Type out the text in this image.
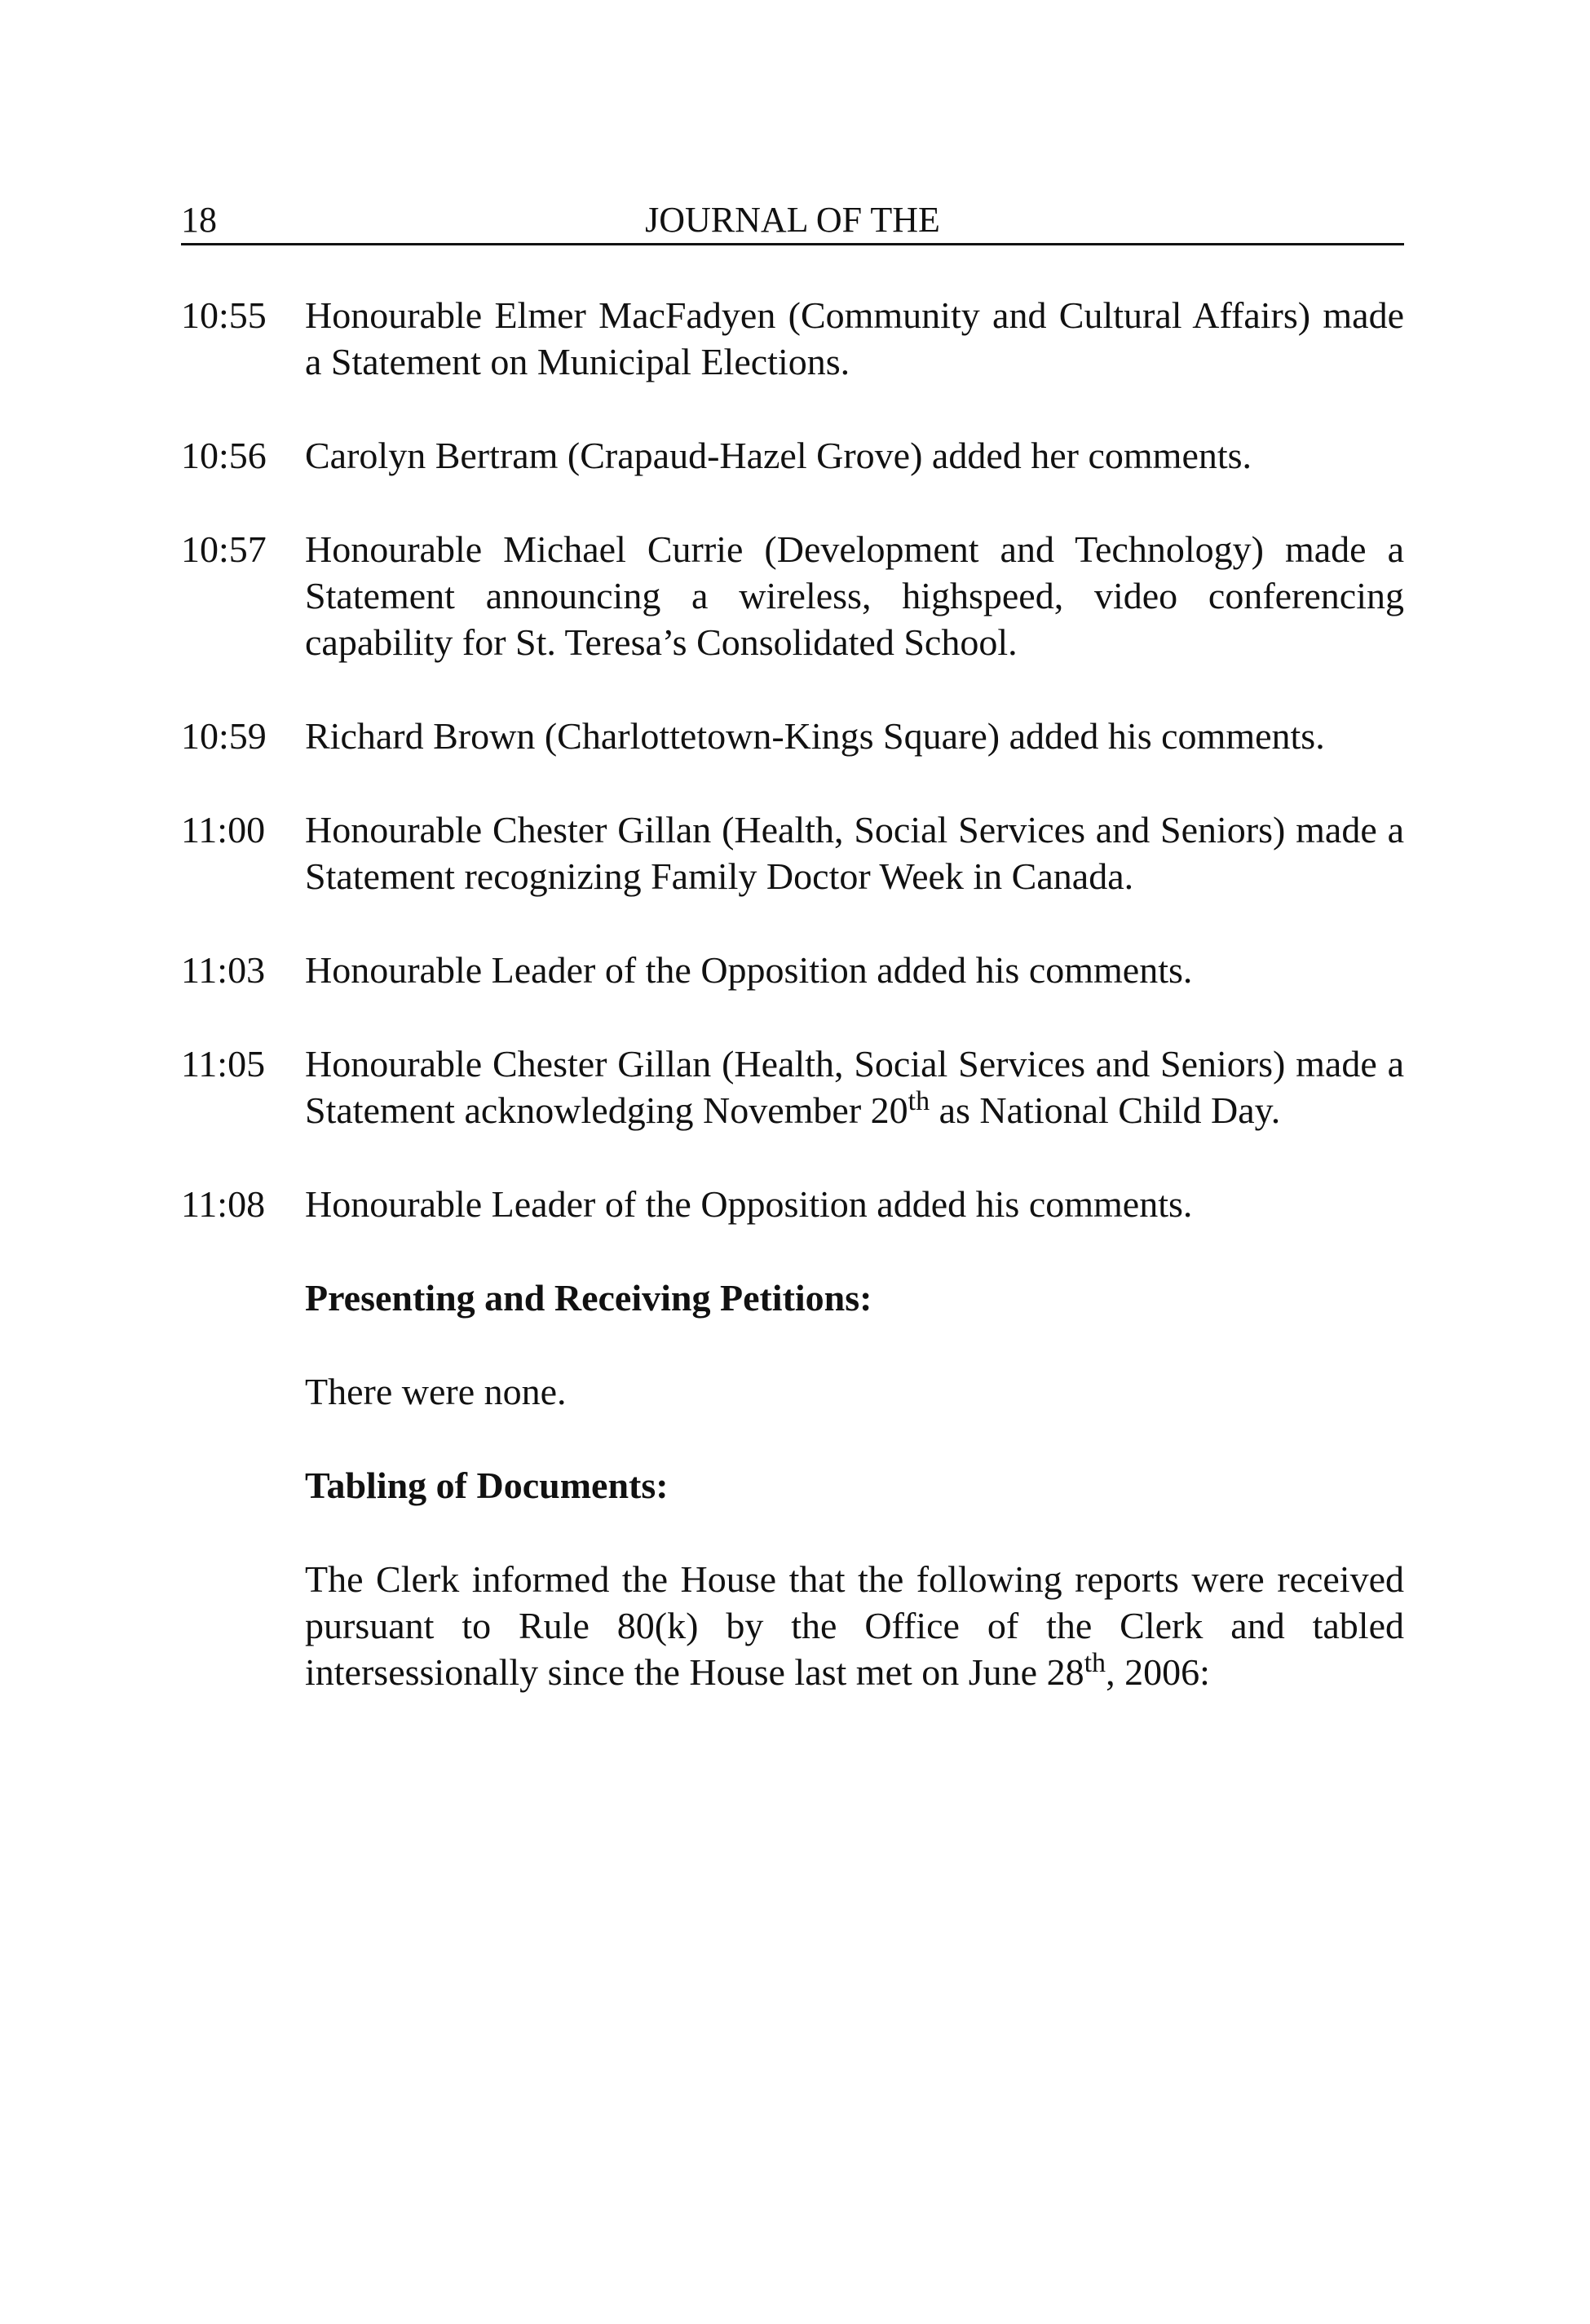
18	JOURNAL OF THE
10:55	Honourable Elmer MacFadyen (Community and Cultural Affairs) made a Statement on Municipal Elections.
10:56	Carolyn Bertram (Crapaud-Hazel Grove) added her comments.
10:57	Honourable Michael Currie (Development and Technology) made a Statement announcing a wireless, highspeed, video conferencing capability for St. Teresa’s Consolidated School.
10:59	Richard Brown (Charlottetown-Kings Square) added his comments.
11:00	Honourable Chester Gillan (Health, Social Services and Seniors) made a Statement recognizing Family Doctor Week in Canada.
11:03	Honourable Leader of the Opposition added his comments.
11:05	Honourable Chester Gillan (Health, Social Services and Seniors) made a Statement acknowledging November 20th as National Child Day.
11:08	Honourable Leader of the Opposition added his comments.
Presenting and Receiving Petitions:
There were none.
Tabling of Documents:
The Clerk informed the House that the following reports were received pursuant to Rule 80(k) by the Office of the Clerk and tabled intersessionally since the House last met on June 28th, 2006:
